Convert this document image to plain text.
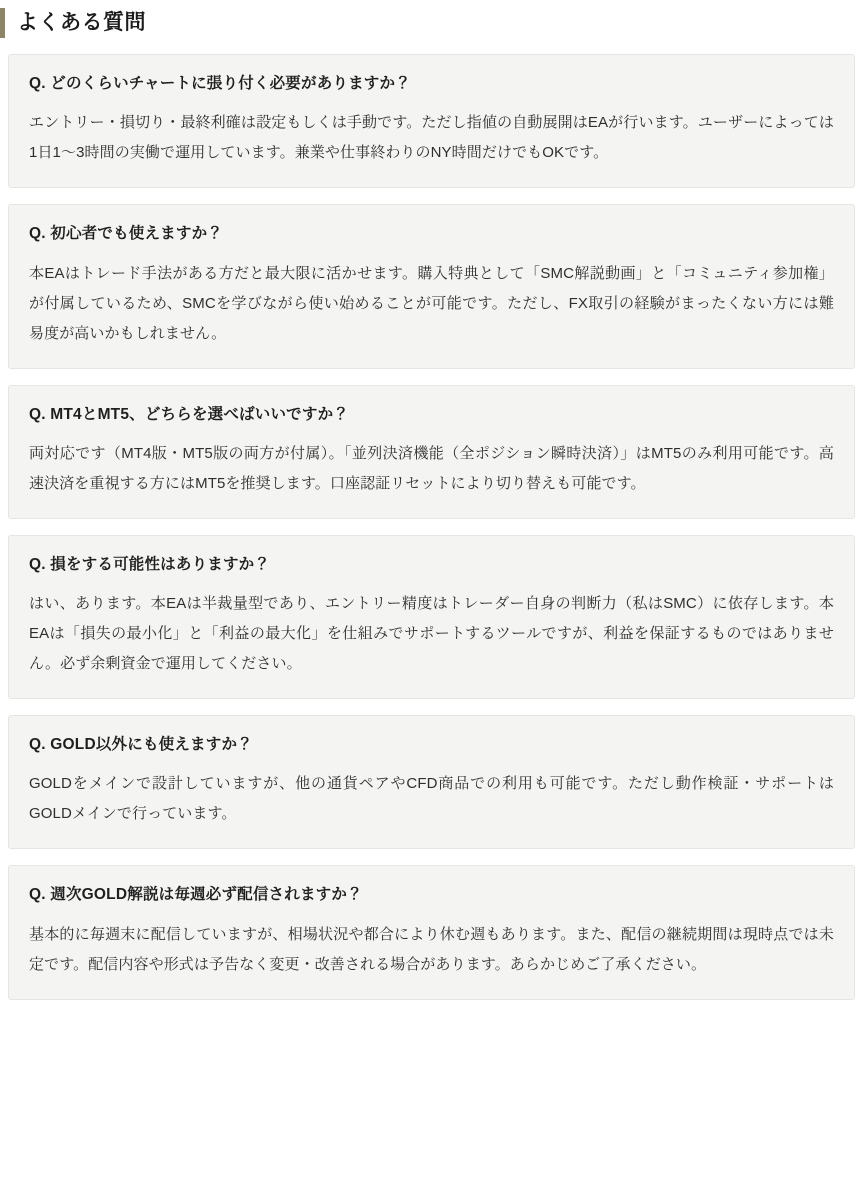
よくある質問
Q. どのくらいチャートに張り付く必要がありますか？
エントリー・損切り・最終利確は設定もしくは手動です。ただし指値の自動展開はEAが行います。ユーザーによっては1日1〜3時間の実働で運用しています。兼業や仕事終わりのNY時間だけでもOKです。
Q. 初心者でも使えますか？
本EAはトレード手法がある方だと最大限に活かせます。購入特典として「SMC解説動画」と「コミュニティ参加権」が付属しているため、SMCを学びながら使い始めることが可能です。ただし、FX取引の経験がまったくない方には難易度が高いかもしれません。
Q. MT4とMT5、どちらを選べばいいですか？
両対応です（MT4版・MT5版の両方が付属）。「並列決済機能（全ポジション瞬時決済）」はMT5のみ利用可能です。高速決済を重視する方にはMT5を推奨します。口座認証リセットにより切り替えも可能です。
Q. 損をする可能性はありますか？
はい、あります。本EAは半裁量型であり、エントリー精度はトレーダー自身の判断力（私はSMC）に依存します。本EAは「損失の最小化」と「利益の最大化」を仕組みでサポートするツールですが、利益を保証するものではありません。必ず余剰資金で運用してください。
Q. GOLD以外にも使えますか？
GOLDをメインで設計していますが、他の通貨ペアやCFD商品での利用も可能です。ただし動作検証・サポートはGOLDメインで行っています。
Q. 週次GOLD解説は毎週必ず配信されますか？
基本的に毎週末に配信していますが、相場状況や都合により休む週もあります。また、配信の継続期間は現時点では未定です。配信内容や形式は予告なく変更・改善される場合があります。あらかじめご了承ください。
